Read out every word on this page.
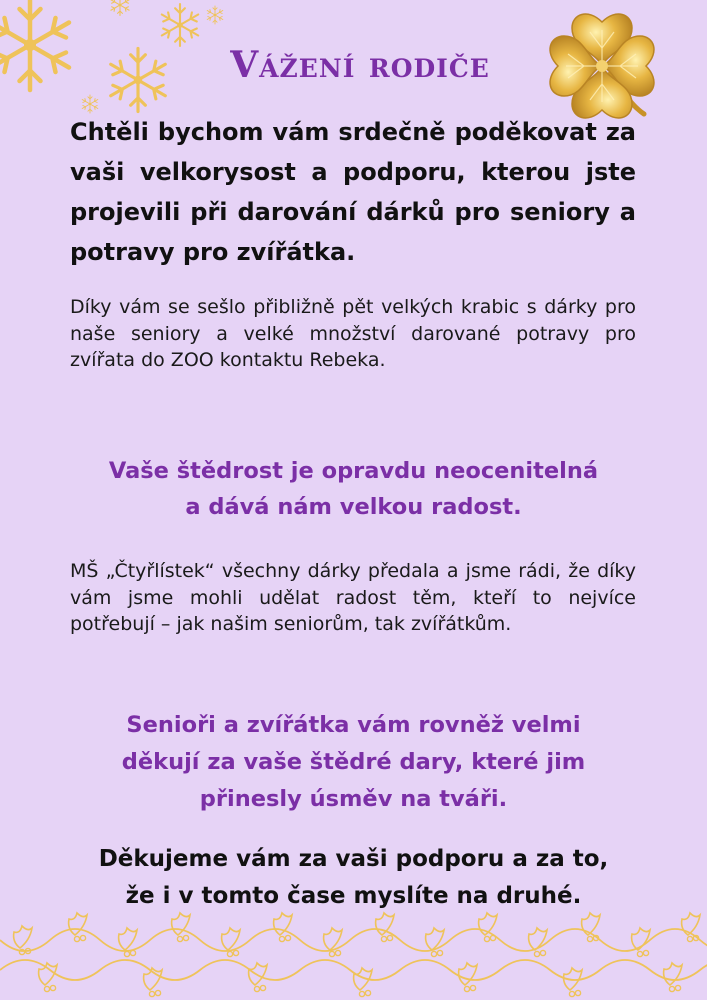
Vážení rodiče

Chtěli bychom vám srdečně poděkovat za vaši velkorysost a podporu, kterou jste projevili při darování dárků pro seniory a potravy pro zvířátka.

Díky vám se sešlo přibližně pět velkých krabic s dárky pro naše seniory a velké množství darované potravy pro zvířata do ZOO kontaktu Rebeka.

Vaše štědrost je opravdu neocenitelná
a dává nám velkou radost.

MŠ „Čtyřlístek“ všechny dárky předala a jsme rádi, že díky vám jsme mohli udělat radost těm, kteří to nejvíce potřebují – jak našim seniorům, tak zvířátkům.

Senioři a zvířátka vám rovněž velmi
děkují za vaše štědré dary, které jim
přinesly úsměv na tváři.
Děkujeme vám za vaši podporu a za to,
že i v tomto čase myslíte na druhé.
